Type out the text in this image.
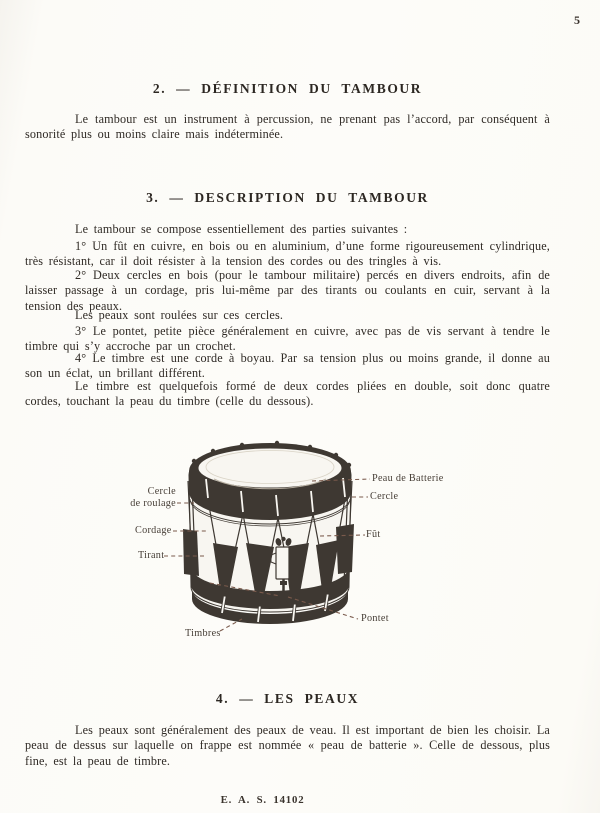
5
2. — DÉFINITION DU TAMBOUR

Le tambour est un instrument à percussion, ne prenant pas l’accord, par conséquent à sonorité plus ou moins claire mais indéterminée.

3. — DESCRIPTION DU TAMBOUR

Le tambour se compose essentiellement des parties suivantes :

1° Un fût en cuivre, en bois ou en aluminium, d’une forme rigoureusement cylindrique, très résistant, car il doit résister à la tension des cordes ou des tringles à vis.

2° Deux cercles en bois (pour le tambour militaire) percés en divers endroits, afin de laisser passage à un cordage, pris lui-même par des tirants ou coulants en cuir, servant à la tension des peaux.

Les peaux sont roulées sur ces cercles.

3° Le pontet, petite pièce généralement en cuivre, avec pas de vis servant à tendre le timbre qui s’y accroche par un crochet.

4° Le timbre est une corde à boyau. Par sa tension plus ou moins grande, il donne au son un éclat, un brillant différent.

Le timbre est quelquefois formé de deux cordes pliées en double, soit donc quatre cordes, touchant la peau du timbre (celle du dessous).

Cercle
de roulage
Cordage
Tirant
Timbres
Peau de Batterie
Cercle
Fût
Pontet
4. — LES PEAUX

Les peaux sont généralement des peaux de veau. Il est important de bien les choisir. La peau de dessus sur laquelle on frappe est nommée « peau de batterie ». Celle de dessous, plus fine, est la peau de timbre.

E. A. S. 14102
